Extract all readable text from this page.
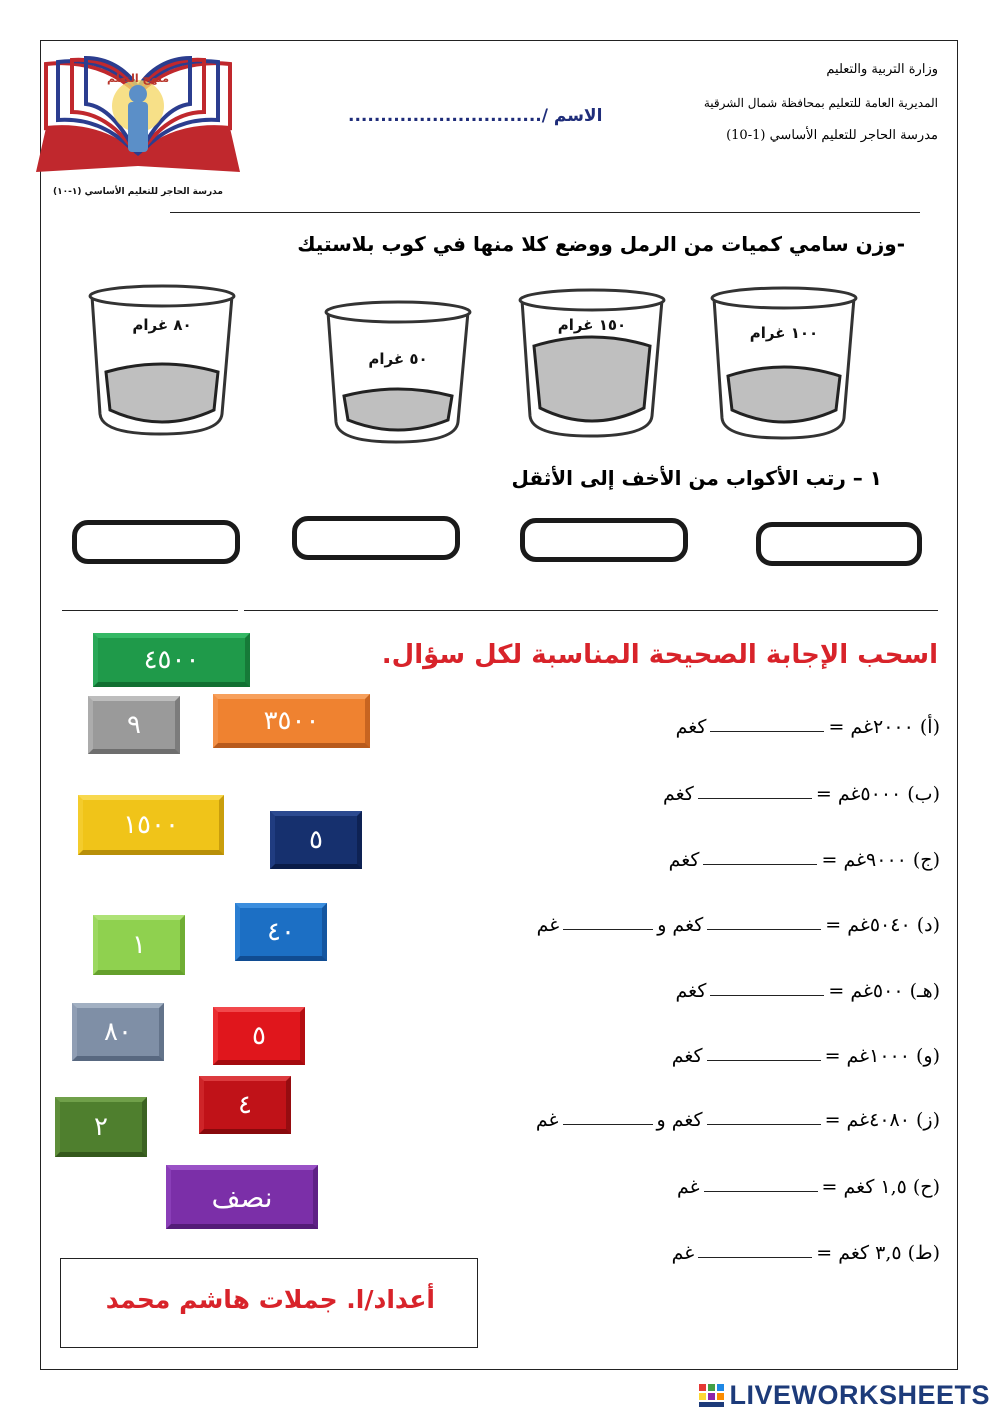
منهج التعلم
مدرسة الحاجر للتعليم الأساسي (١-١٠)
وزارة التربية والتعليم
المديرية العامة للتعليم بمحافظة شمال الشرقية
مدرسة الحاجر للتعليم الأساسي (1-10)
الاسم /..............................
-وزن سامي كميات من الرمل ووضع كلا منها في كوب بلاستيك
١٠٠ غرام
١٥٠ غرام
٥٠ غرام
٨٠ غرام
١ – رتب الأكواب من الأخف إلى الأثقل
اسحب الإجابة الصحيحة المناسبة لكل سؤال.
٤٥٠٠
٩	٣٥٠٠
١٥٠٠	٥
١	٤٠
٨٠	٥
٤
٢
نصف
(أ) ٢٠٠٠غم =
كغم
(ب) ٥٠٠٠غم =
كغم
(ج) ٩٠٠٠غم =
كغم
(د) ٥٠٤٠غم =
كغم و
غم
(هـ) ٥٠٠غم =
كغم
(و) ١٠٠٠غم =
كغم
(ز) ٤٠٨٠غم =
كغم و
غم
(ح) ١,٥ كغم =
غم
(ط) ٣,٥ كغم =
غم
أعداد/ا. جملات هاشم محمد
LIVEWORKSHEETS
